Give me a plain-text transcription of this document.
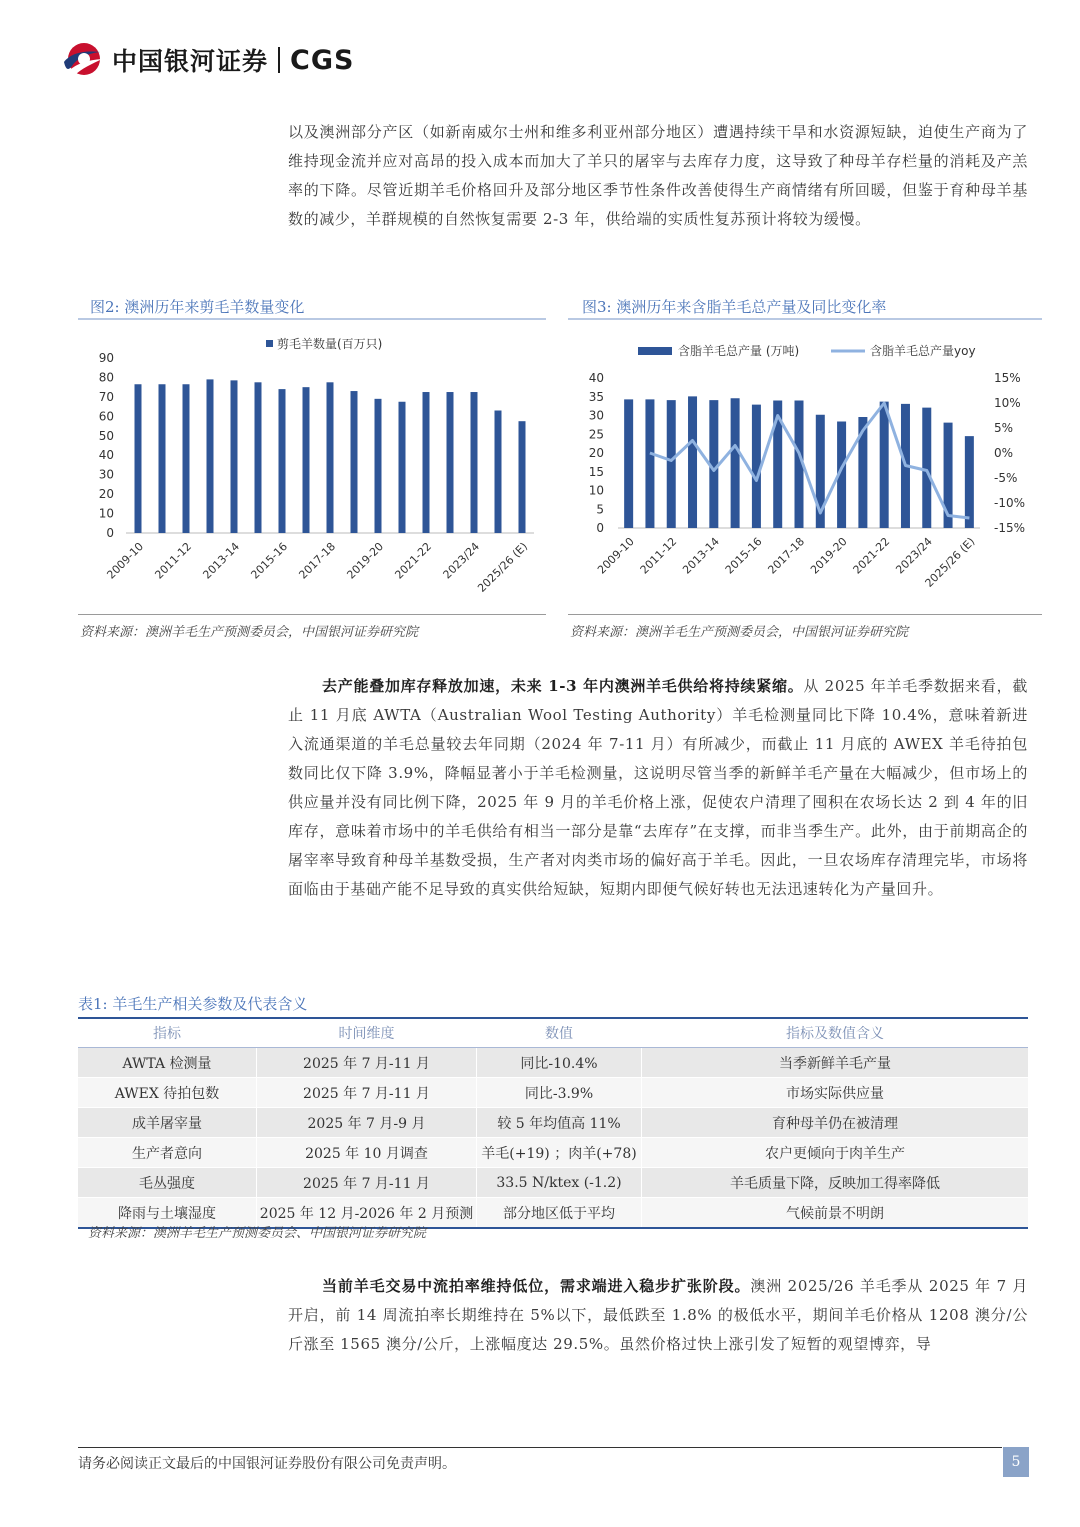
中国银河证券 CGS
以及澳洲部分产区（如新南威尔士州和维多利亚州部分地区）遭遇持续干旱和水资源短缺，迫使生产商为了维持现金流并应对高昂的投入成本而加大了羊只的屠宰与去库存力度，这导致了种母羊存栏量的消耗及产羔率的下降。尽管近期羊毛价格回升及部分地区季节性条件改善使得生产商情绪有所回暖，但鉴于育种母羊基数的减少，羊群规模的自然恢复需要 2-3 年，供给端的实质性复苏预计将较为缓慢。
图2: 澳洲历年来剪毛羊数量变化
0
10
20
30
40
50
60
70
80
90
2009-10 2011-12 2013-14 2015-16 2017-18 2019-20 2021-22 2023/24
2025/26 (E)
剪毛羊数量(百万只)
资料来源：澳洲羊毛生产预测委员会，中国银河证券研究院
图3: 澳洲历年来含脂羊毛总产量及同比变化率
0
5
10
15
20
25
30
35
40
-15%
-10%
-5%
0%
5%
10%
15%
2009-10 2011-12 2013-14 2015-16 2017-18 2019-20 2021-22 2023/24
2025/26 (E)
含脂羊毛总产量 (万吨)	含脂羊毛总产量yoy
资料来源：澳洲羊毛生产预测委员会，中国银河证券研究院
去产能叠加库存释放加速，未来 1-3 年内澳洲羊毛供给将持续紧缩。从 2025 年羊毛季数据来看，截止 11 月底 AWTA（Australian Wool Testing Authority）羊毛检测量同比下降 10.4%，意味着新进入流通渠道的羊毛总量较去年同期（2024 年 7-11 月）有所减少，而截止 11 月底的 AWEX 羊毛待拍包数同比仅下降 3.9%，降幅显著小于羊毛检测量，这说明尽管当季的新鲜羊毛产量在大幅减少，但市场上的供应量并没有同比例下降，2025 年 9 月的羊毛价格上涨，促使农户清理了囤积在农场长达 2 到 4 年的旧库存，意味着市场中的羊毛供给有相当一部分是靠“去库存”在支撑，而非当季生产。此外，由于前期高企的屠宰率导致育种母羊基数受损，生产者对肉类市场的偏好高于羊毛。因此，一旦农场库存清理完毕，市场将面临由于基础产能不足导致的真实供给短缺，短期内即便气候好转也无法迅速转化为产量回升。
表1: 羊毛生产相关参数及代表含义
指标	时间维度	数值	指标及数值含义
AWTA 检测量	2025 年 7 月-11 月	同比-10.4%	当季新鲜羊毛产量
AWEX 待拍包数	2025 年 7 月-11 月	同比-3.9%	市场实际供应量
成羊屠宰量	2025 年 7 月-9 月	较 5 年均值高 11%	育种母羊仍在被清理
生产者意向	2025 年 10 月调查	羊毛(+19) ；肉羊(+78)	农户更倾向于肉羊生产
毛丛强度	2025 年 7 月-11 月	33.5 N/ktex (-1.2)	羊毛质量下降，反映加工得率降低
降雨与土壤湿度	2025 年 12 月-2026 年 2 月预测	部分地区低于平均	气候前景不明朗
资料来源：澳洲羊毛生产预测委员会、中国银河证券研究院
当前羊毛交易中流拍率维持低位，需求端进入稳步扩张阶段。澳洲 2025/26 羊毛季从 2025 年 7 月开启，前 14 周流拍率长期维持在 5%以下，最低跌至 1.8% 的极低水平，期间羊毛价格从 1208 澳分/公斤涨至 1565 澳分/公斤，上涨幅度达 29.5%。虽然价格过快上涨引发了短暂的观望博弈，导
请务必阅读正文最后的中国银河证券股份有限公司免责声明。	5
